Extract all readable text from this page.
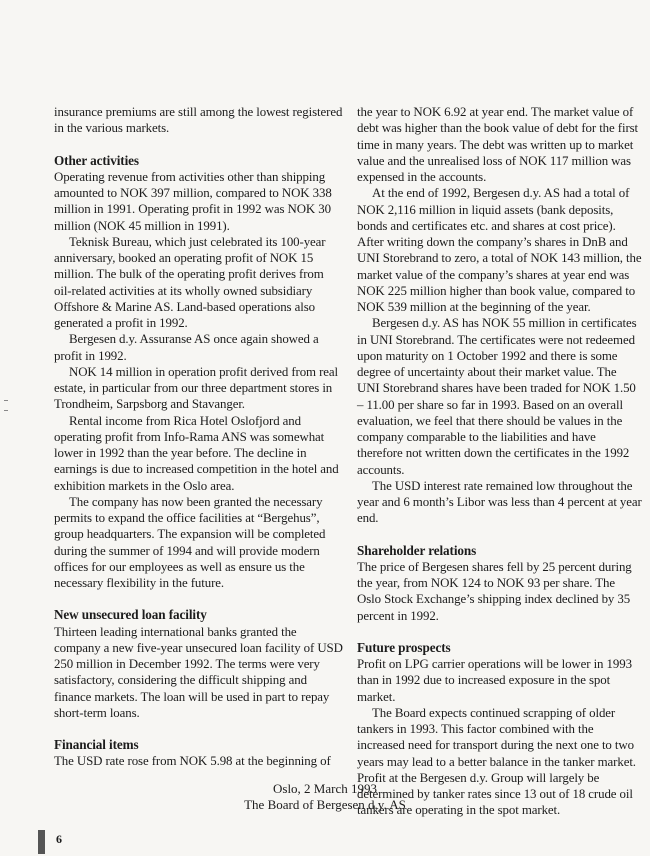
insurance premiums are still among the lowest registered in the various markets.

Other activities

Operating revenue from activities other than shipping amounted to NOK 397 million, compared to NOK 338 million in 1991. Operating profit in 1992 was NOK 30 million (NOK 45 million in 1991).

Teknisk Bureau, which just celebrated its 100-year anniversary, booked an operating profit of NOK 15 million. The bulk of the operating profit derives from oil-related activities at its wholly owned subsidiary Offshore & Marine AS. Land-based operations also generated a profit in 1992.

Bergesen d.y. Assuranse AS once again showed a profit in 1992.

NOK 14 million in operation profit derived from real estate, in particular from our three department stores in Trondheim, Sarpsborg and Stavanger.

Rental income from Rica Hotel Oslofjord and operating profit from Info-Rama ANS was somewhat lower in 1992 than the year before. The decline in earnings is due to increased competition in the hotel and exhibition markets in the Oslo area.

The company has now been granted the necessary permits to expand the office facilities at “Bergehus”, group headquarters. The expansion will be completed during the summer of 1994 and will provide modern offices for our employees as well as ensure us the necessary flexibility in the future.

New unsecured loan facility

Thirteen leading international banks granted the company a new five-year unsecured loan facility of USD 250 million in December 1992. The terms were very satisfactory, considering the difficult shipping and finance markets. The loan will be used in part to repay short-term loans.

Financial items

The USD rate rose from NOK 5.98 at the beginning of

the year to NOK 6.92 at year end. The market value of debt was higher than the book value of debt for the first time in many years. The debt was written up to market value and the unrealised loss of NOK 117 million was expensed in the accounts.

At the end of 1992, Bergesen d.y. AS had a total of NOK 2,116 million in liquid assets (bank deposits, bonds and certificates etc. and shares at cost price). After writing down the company’s shares in DnB and UNI Storebrand to zero, a total of NOK 143 million, the market value of the company’s shares at year end was NOK 225 million higher than book value, compared to NOK 539 million at the beginning of the year.

Bergesen d.y. AS has NOK 55 million in certificates in UNI Storebrand. The certificates were not redeemed upon maturity on 1 October 1992 and there is some degree of uncertainty about their market value. The UNI Storebrand shares have been traded for NOK 1.50 – 11.00 per share so far in 1993. Based on an overall evaluation, we feel that there should be values in the company comparable to the liabilities and have therefore not written down the certificates in the 1992 accounts.

The USD interest rate remained low throughout the year and 6 month’s Libor was less than 4 percent at year end.

Shareholder relations

The price of Bergesen shares fell by 25 percent during the year, from NOK 124 to NOK 93 per share. The Oslo Stock Exchange’s shipping index declined by 35 percent in 1992.

Future prospects

Profit on LPG carrier operations will be lower in 1993 than in 1992 due to increased exposure in the spot market.

The Board expects continued scrapping of older tankers in 1993. This factor combined with the increased need for transport during the next one to two years may lead to a better balance in the tanker market. Profit at the Bergesen d.y. Group will largely be determined by tanker rates since 13 out of 18 crude oil tankers are operating in the spot market.

Oslo, 2 March 1993
The Board of Bergesen d.y. AS
6
